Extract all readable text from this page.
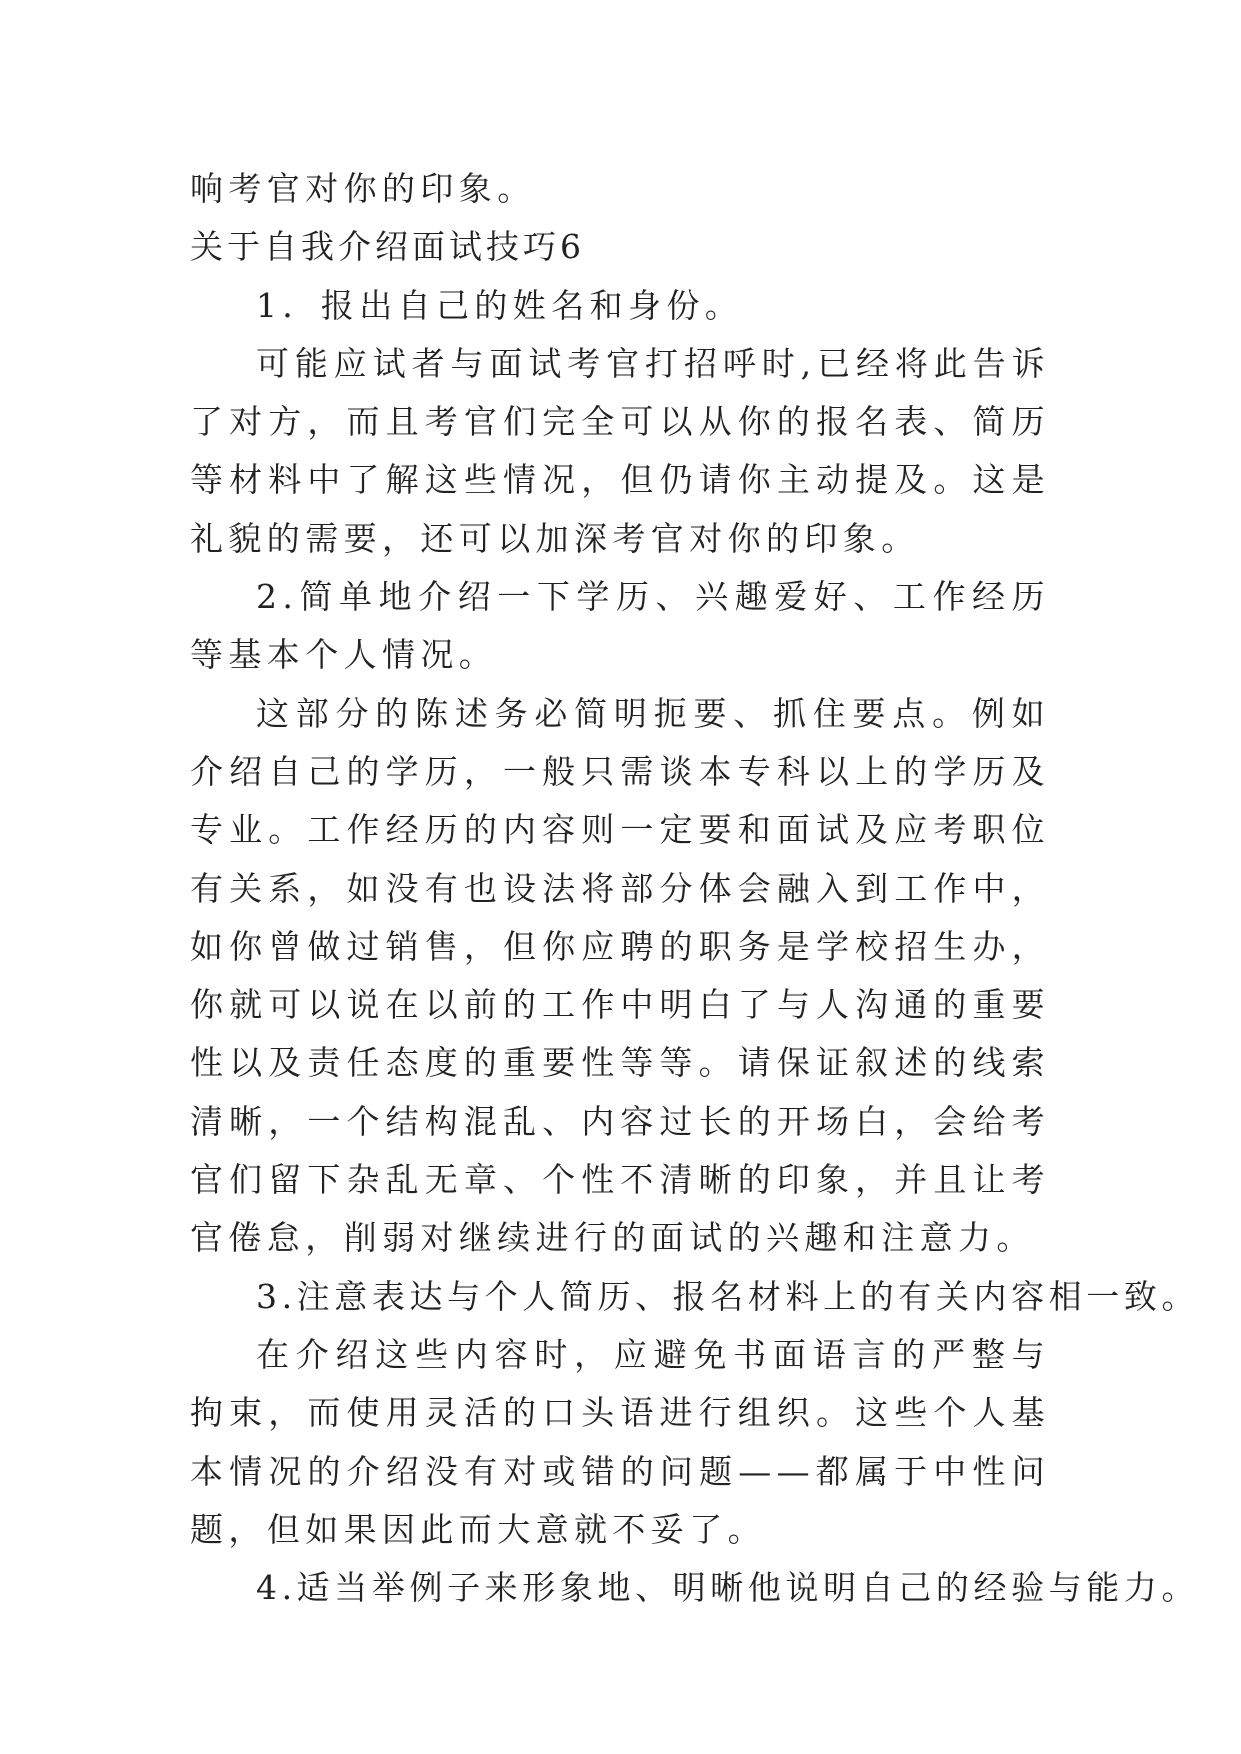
响考官对你的印象。

关于自我介绍面试技巧6

1．报出自己的姓名和身份。

可能应试者与面试考官打招呼时,已经将此告诉了对方，而且考官们完全可以从你的报名表、简历等材料中了解这些情况，但仍请你主动提及。这是礼貌的需要，还可以加深考官对你的印象。

2.简单地介绍一下学历、兴趣爱好、工作经历等基本个人情况。

这部分的陈述务必简明扼要、抓住要点。例如介绍自己的学历，一般只需谈本专科以上的学历及专业。工作经历的内容则一定要和面试及应考职位有关系，如没有也设法将部分体会融入到工作中，如你曾做过销售，但你应聘的职务是学校招生办，你就可以说在以前的工作中明白了与人沟通的重要性以及责任态度的重要性等等。请保证叙述的线索清晰，一个结构混乱、内容过长的开场白，会给考官们留下杂乱无章、个性不清晰的印象，并且让考官倦怠，削弱对继续进行的面试的兴趣和注意力。

3.注意表达与个人简历、报名材料上的有关内容相一致。

在介绍这些内容时，应避免书面语言的严整与拘束，而使用灵活的口头语进行组织。这些个人基本情况的介绍没有对或错的问题——都属于中性问题，但如果因此而大意就不妥了。

4.适当举例子来形象地、明晰他说明自己的经验与能力。
